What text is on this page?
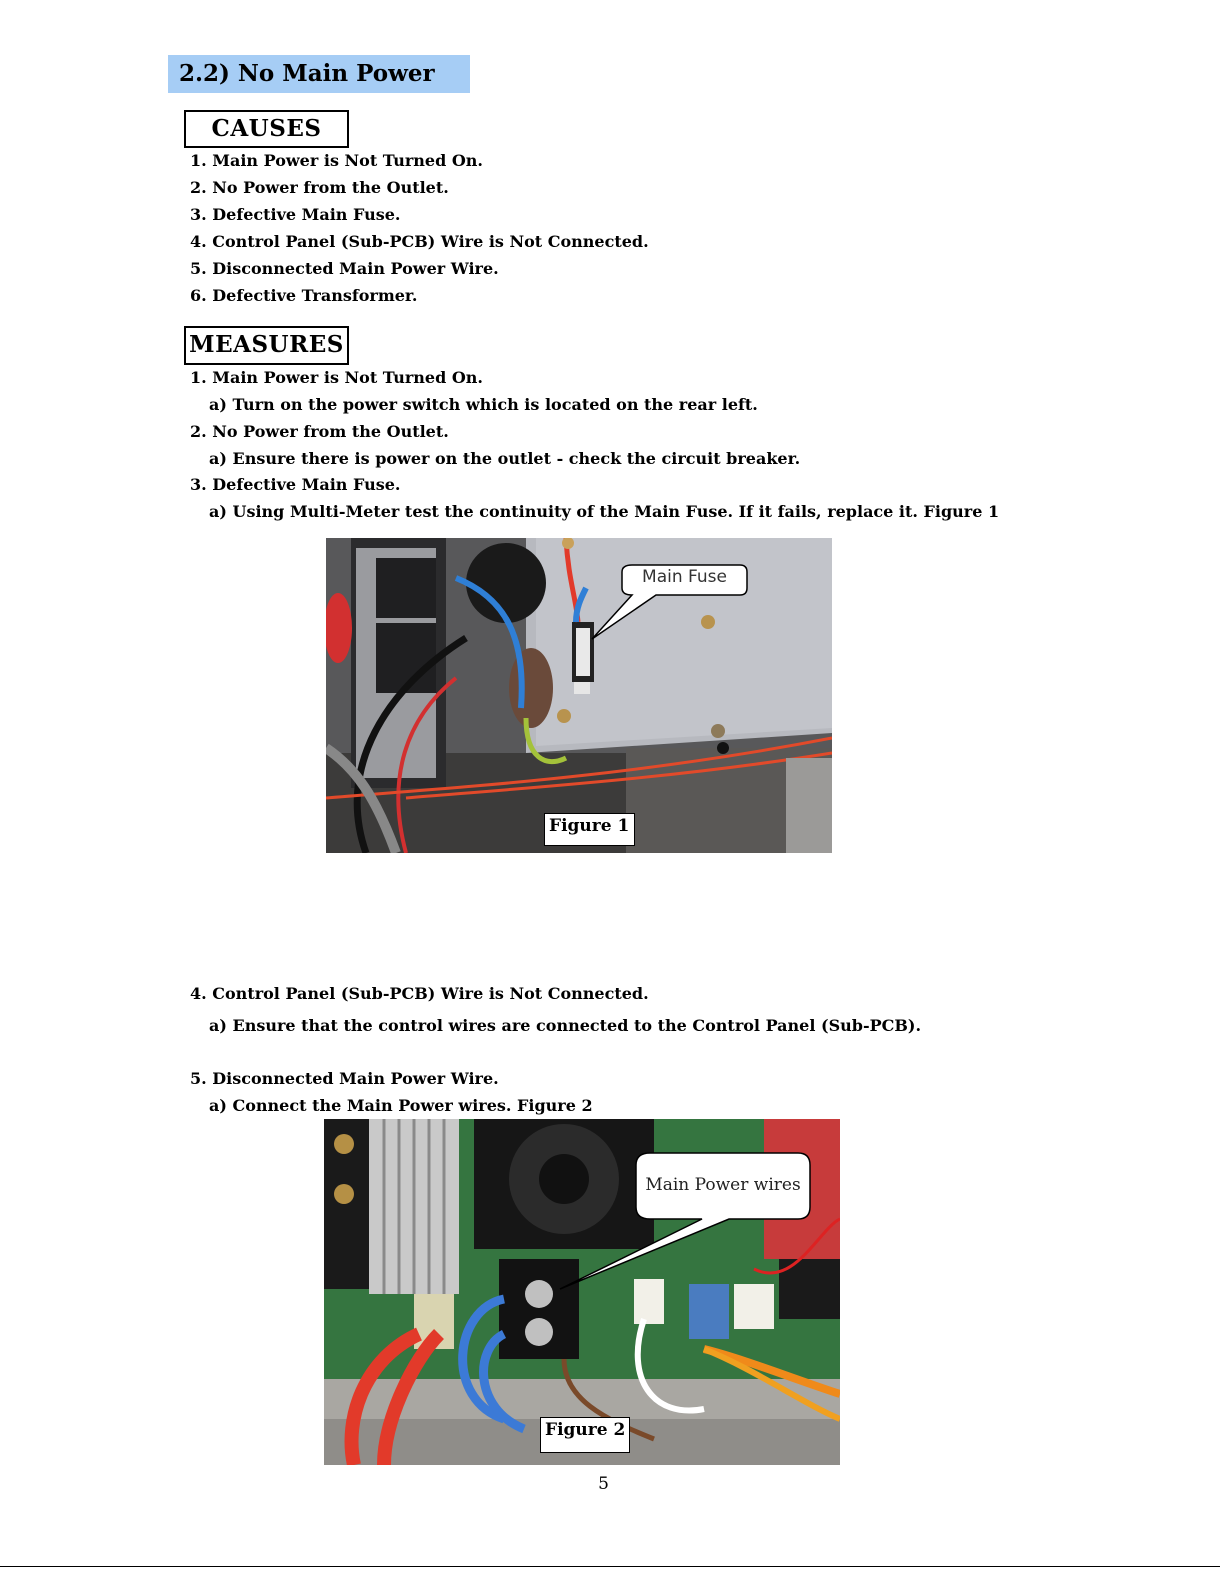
2.2) No Main Power
CAUSES
1. Main Power is Not Turned On.
2. No Power from the Outlet.
3. Defective Main Fuse.
4. Control Panel (Sub-PCB) Wire is Not Connected.
5. Disconnected Main Power Wire.
6. Defective Transformer.
MEASURES
1. Main Power is Not Turned On.
a) Turn on the power switch which is located on the rear left.
2. No Power from the Outlet.
a) Ensure there is power on the outlet - check the circuit breaker.
3. Defective Main Fuse.
a) Using Multi-Meter test the continuity of the Main Fuse. If it fails, replace it. Figure 1
Main Fuse
Figure 1
4. Control Panel (Sub-PCB) Wire is Not Connected.
a) Ensure that the control wires are connected to the Control Panel (Sub-PCB).
5. Disconnected Main Power Wire.
a) Connect the Main Power wires. Figure 2
Main Power wires
Figure 2
5
